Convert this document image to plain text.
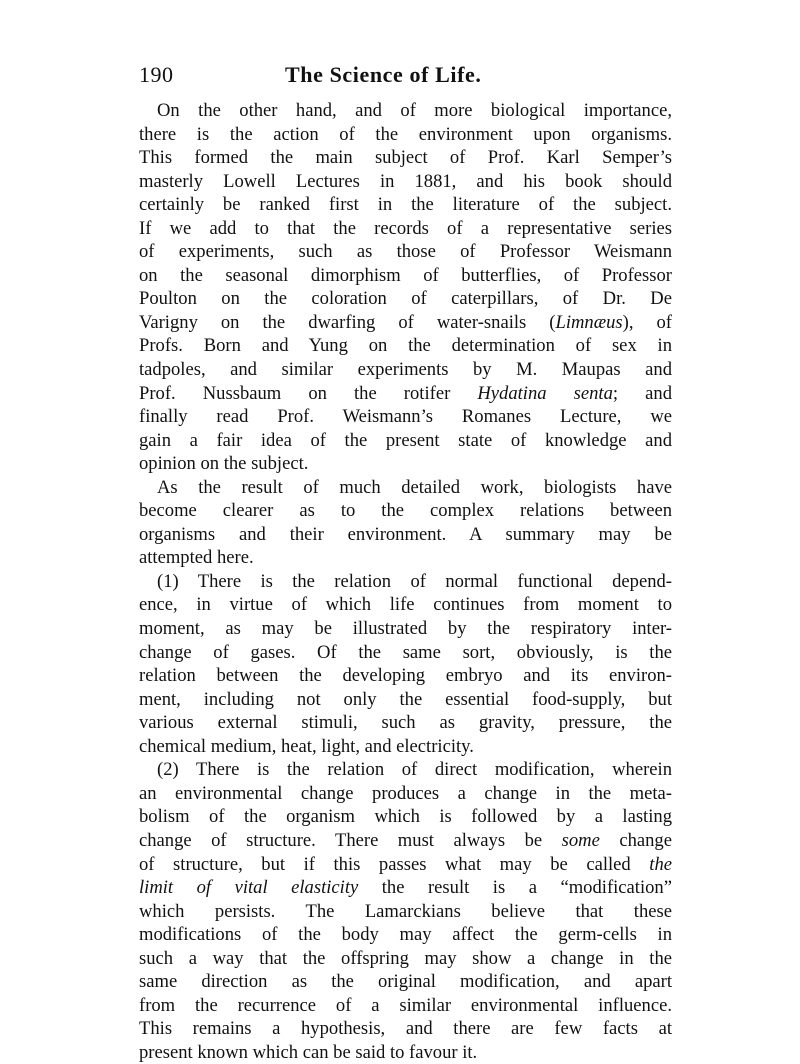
190	The Science of Life.
On the other hand, and of more biological importance,
there is the action of the environment upon organisms.
This formed the main subject of Prof. Karl Semper’s
masterly Lowell Lectures in 1881, and his book should
certainly be ranked first in the literature of the subject.
If we add to that the records of a representative series
of experiments, such as those of Professor Weismann
on the seasonal dimorphism of butterflies, of Professor
Poulton on the coloration of caterpillars, of Dr. De
Varigny on the dwarfing of water-snails (Limnæus), of
Profs. Born and Yung on the determination of sex in
tadpoles, and similar experiments by M. Maupas and
Prof. Nussbaum on the rotifer Hydatina senta; and
finally read Prof. Weismann’s Romanes Lecture, we
gain a fair idea of the present state of knowledge and
opinion on the subject.
As the result of much detailed work, biologists have
become clearer as to the complex relations between
organisms and their environment. A summary may be
attempted here.
(1) There is the relation of normal functional depend-
ence, in virtue of which life continues from moment to
moment, as may be illustrated by the respiratory inter-
change of gases. Of the same sort, obviously, is the
relation between the developing embryo and its environ-
ment, including not only the essential food-supply, but
various external stimuli, such as gravity, pressure, the
chemical medium, heat, light, and electricity.
(2) There is the relation of direct modification, wherein
an environmental change produces a change in the meta-
bolism of the organism which is followed by a lasting
change of structure. There must always be some change
of structure, but if this passes what may be called the
limit of vital elasticity the result is a “modification”
which persists. The Lamarckians believe that these
modifications of the body may affect the germ-cells in
such a way that the offspring may show a change in the
same direction as the original modification, and apart
from the recurrence of a similar environmental influence.
This remains a hypothesis, and there are few facts at
present known which can be said to favour it.
